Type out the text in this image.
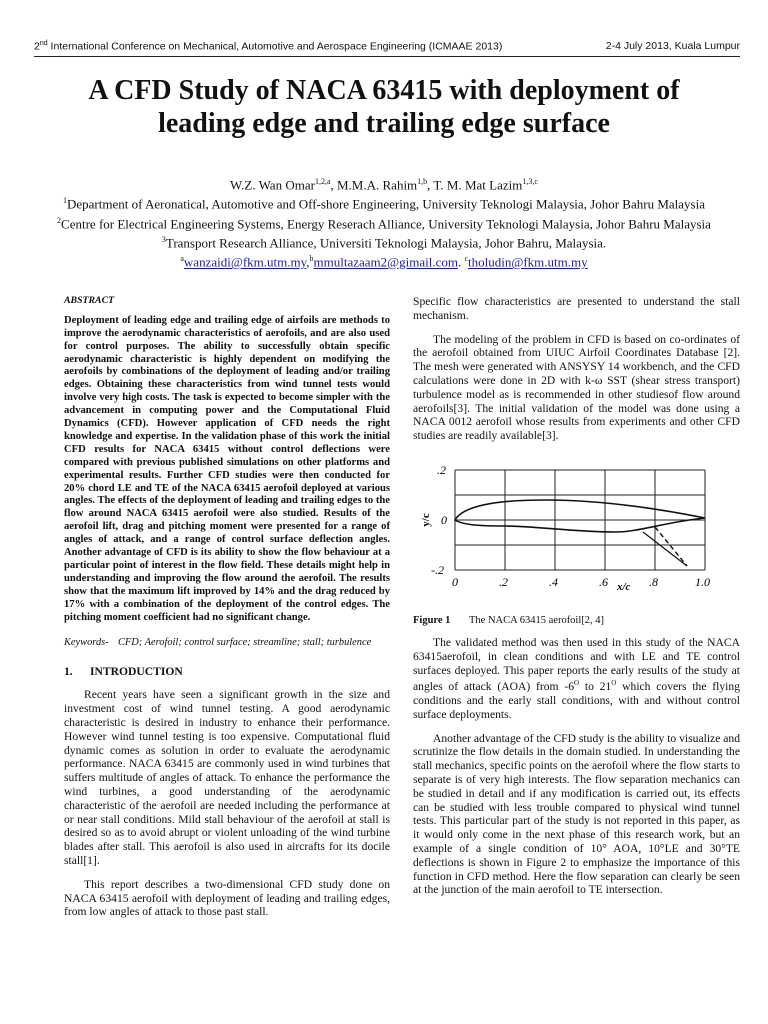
2nd International Conference on Mechanical, Automotive and Aerospace Engineering (ICMAAE 2013)	2-4 July 2013, Kuala Lumpur
A CFD Study of NACA 63415 with deployment of
leading edge and trailing edge surface

W.Z. Wan Omar$^{1,2,a}$, M.M.A. Rahim$^{1,b}$, T. M. Mat Lazim$^{1,3,c}$

$^1$Department of Aeronatical, Automotive and Off-shore Engineering, University Teknologi Malaysia, Johor Bahru Malaysia

$^2$Centre for Electrical Engineering Systems, Energy Reserach Alliance, University Teknologi Malaysia, Johor Bahru Malaysia

$^3$Transport Research Alliance, Universiti Teknologi Malaysia, Johor Bahru, Malaysia.

$^a$wanzaidi@fkm.utm.my,$^b$mmultazaam2@gimail.com. $^c$tholudin@fkm.utm.my

ABSTRACT
Deployment of leading edge and trailing edge of airfoils are methods to improve the aerodynamic characteristics of aerofoils, and are also used for control purposes. The ability to successfully obtain specific aerodynamic characteristic is highly dependent on modifying the aerofoils by combinations of the deployment of leading and/or trailing edges. Obtaining these characteristics from wind tunnel tests would involve very high costs. The task is expected to become simpler with the advancement in computing power and the Computational Fluid Dynamics (CFD). However application of CFD needs the right knowledge and expertise. In the validation phase of this work the initial CFD results for NACA 63415 without control deflections were compared with previous published simulations on other platforms and experimental results. Further CFD studies were then conducted for 20% chord LE and TE of the NACA 63415 aerofoil deployed at various angles. The effects of the deployment of leading and trailing edges to the flow around NACA 63415 aerofoil were also studied. Results of the aerofoil lift, drag and pitching moment were presented for a range of angles of attack, and a range of control surface deflection angles. Another advantage of CFD is its ability to show the flow behaviour at a particular point of interest in the flow field. These details might help in understanding and improving the flow around the aerofoil. The results show that the maximum lift improved by 14% and the drag reduced by 17% with a combination of the deployment of the control edges. The pitching moment coefficient had no significant change.
Keywords- CFD; Aerofoil; control surface; streamline; stall; turbulence
1. INTRODUCTION

Recent years have seen a significant growth in the size and investment cost of wind tunnel testing. A good aerodynamic characteristic is desired in industry to enhance their performance. However wind tunnel testing is too expensive. Computational fluid dynamic comes as solution in order to evaluate the aerodynamic performance. NACA 63415 are commonly used in wind turbines that suffers multitude of angles of attack. To enhance the performance the wind turbines, a good understanding of the aerodynamic characteristic of the aerofoil are needed including the performance at or near stall conditions. Mild stall behaviour of the aerofoil at stall is desired so as to avoid abrupt or violent unloading of the wind turbine blades after stall. This aerofoil is also used in aircrafts for its docile stall[1].

This report describes a two-dimensional CFD study done on NACA 63415 aerofoil with deployment of leading and trailing edges, from low angles of attack to those past stall.

Specific flow characteristics are presented to understand the stall mechanism.

The modeling of the problem in CFD is based on co-ordinates of the aerofoil obtained from UIUC Airfoil Coordinates Database [2]. The mesh were generated with ANSYSY 14 workbench, and the CFD calculations were done in 2D with k-ω SST (shear stress transport) turbulence model as is recommended in other studiesof flow around aerofoils[3]. The initial validation of the model was done using a NACA 0012 aerofoil whose results from experiments and other CFD studies are readily available[3].

.2
0
-.2
y/c
0	.2	.4	.6	.8	1.0
x/c
Figure 1 The NACA 63415 aerofoil[2, 4]

The validated method was then used in this study of the NACA 63415aerofoil, in clean conditions and with LE and TE control surfaces deployed. This paper reports the early results of the study at angles of attack (AOA) from $-6^O$ to $21^O$ which covers the flying conditions and the early stall conditions, with and without control surface deployments.

Another advantage of the CFD study is the ability to visualize and scrutinize the flow details in the domain studied. In understanding the stall mechanics, specific points on the aerofoil where the flow starts to separate is of very high interests. The flow separation mechanics can be studied in detail and if any modification is carried out, its effects can be studied with less trouble compared to physical wind tunnel tests. This particular part of the study is not reported in this paper, as it would only come in the next phase of this research work, but an example of a single condition of 10° AOA, 10°LE and 30°TE deflections is shown in Figure 2 to emphasize the importance of this function in CFD method. Here the flow separation can clearly be seen at the junction of the main aerofoil to TE intersection.
